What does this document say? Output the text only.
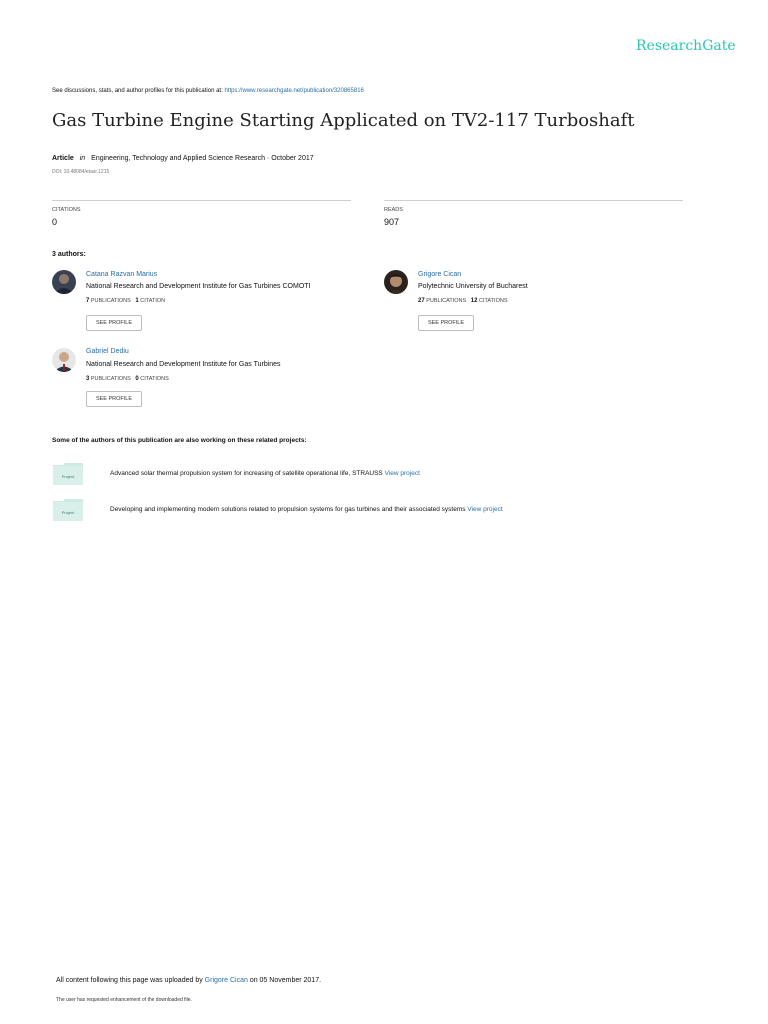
ResearchGate
See discussions, stats, and author profiles for this publication at: https://www.researchgate.net/publication/320865816
Gas Turbine Engine Starting Applicated on TV2-117 Turboshaft
Article in Engineering, Technology and Applied Science Research · October 2017
DOI: 10.48084/etasr.1215
CITATIONS
0
READS
907
3 authors:
Catana Razvan Marius
National Research and Development Institute for Gas Turbines COMOTI
7 PUBLICATIONS 1 CITATION
SEE PROFILE
Grigore Cican
Polytechnic University of Bucharest
27 PUBLICATIONS 12 CITATIONS
SEE PROFILE
Gabriel Dediu
National Research and Development Institute for Gas Turbines
3 PUBLICATIONS 0 CITATIONS
SEE PROFILE
Some of the authors of this publication are also working on these related projects:
Project	Advanced solar thermal propulsion system for increasing of satellite operational life, STRAUSS View project
Project	Developing and implementing modern solutions related to propulsion systems for gas turbines and their associated systems View project
All content following this page was uploaded by Grigore Cican on 05 November 2017.
The user has requested enhancement of the downloaded file.
